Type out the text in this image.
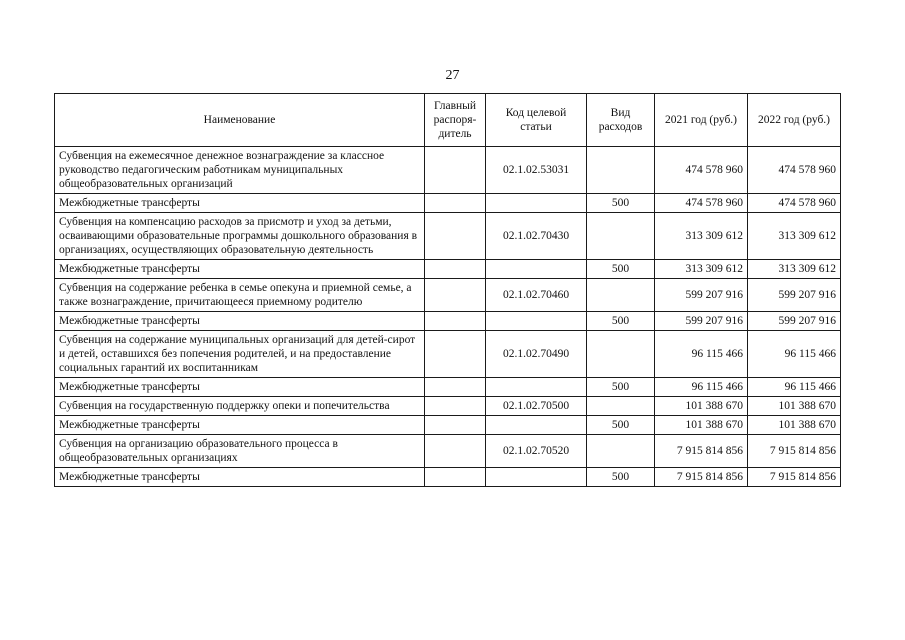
27
Наименование	Главный распоря-дитель	Код целевой статьи	Вид расходов	2021 год (руб.)	2022 год (руб.)
Субвенция на ежемесячное денежное вознаграждение за классное руководство педагогическим работникам муниципальных общеобразовательных организаций		02.1.02.53031		474 578 960	474 578 960
Межбюджетные трансферты			500	474 578 960	474 578 960
Субвенция на компенсацию расходов за присмотр и уход за детьми, осваивающими образовательные программы дошкольного образования в организациях, осуществляющих образовательную деятельность		02.1.02.70430		313 309 612	313 309 612
Межбюджетные трансферты			500	313 309 612	313 309 612
Субвенция на содержание ребенка в семье опекуна и приемной семье, а также вознаграждение, причитающееся приемному родителю		02.1.02.70460		599 207 916	599 207 916
Межбюджетные трансферты			500	599 207 916	599 207 916
Субвенция на содержание муниципальных организаций для детей-сирот и детей, оставшихся без попечения родителей, и на предоставление социальных гарантий их воспитанникам		02.1.02.70490		96 115 466	96 115 466
Межбюджетные трансферты			500	96 115 466	96 115 466
Субвенция на государственную поддержку опеки и попечительства		02.1.02.70500		101 388 670	101 388 670
Межбюджетные трансферты			500	101 388 670	101 388 670
Субвенция на организацию образовательного процесса в общеобразовательных организациях		02.1.02.70520		7 915 814 856	7 915 814 856
Межбюджетные трансферты			500	7 915 814 856	7 915 814 856
